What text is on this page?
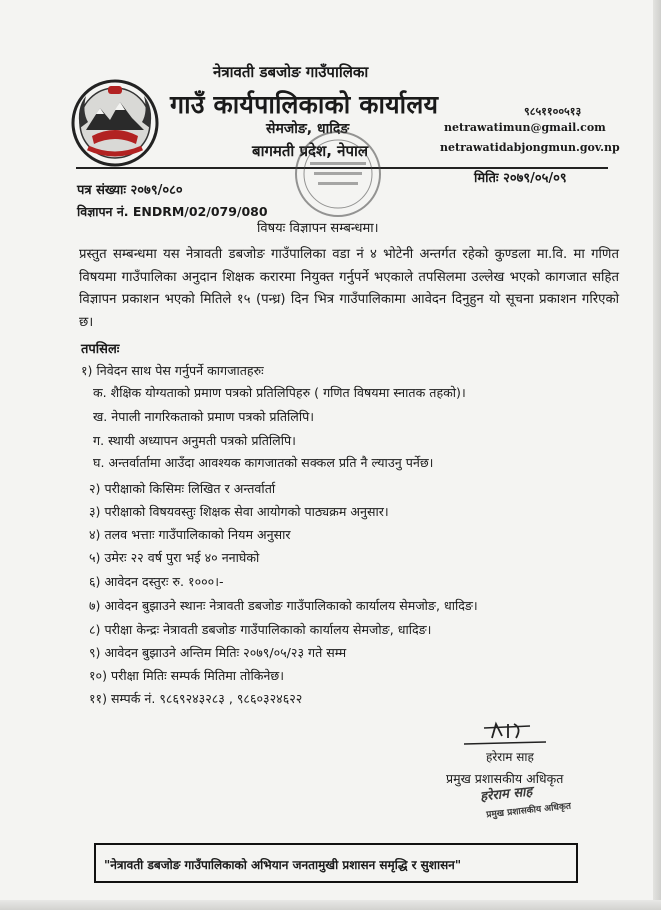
नेत्रावती डबजोङ गाउँपालिका
गाउँ कार्यपालिकाको कार्यालय
सेमजोङ, धादिङ
बागमती प्रदेश, नेपाल
९८५११००५१३
netrawatimun@gmail.com
netrawatidabjongmun.gov.np
पत्र संख्याः २०७९/०८०
मितिः २०७९/०५/०९
विज्ञापन नं. ENDRM/02/079/080
विषयः विज्ञापन सम्बन्धमा।
प्रस्तुत सम्बन्धमा यस नेत्रावती डबजोङ गाउँपालिका वडा नं ४ भोटेनी अन्तर्गत रहेको कुण्डला मा.वि. मा गणित विषयमा गाउँपालिका अनुदान शिक्षक करारमा नियुक्त गर्नुपर्ने भएकाले तपसिलमा उल्लेख भएको कागजात सहित विज्ञापन प्रकाशन भएको मितिले १५ (पन्ध्र) दिन भित्र गाउँपालिकामा आवेदन दिनुहुन यो सूचना प्रकाशन गरिएको छ।
तपसिलः
१) निवेदन साथ पेस गर्नुपर्ने कागजातहरुः
क. शैक्षिक योग्यताको प्रमाण पत्रको प्रतिलिपिहरु ( गणित विषयमा स्नातक तहको)।
ख. नेपाली नागरिकताको प्रमाण पत्रको प्रतिलिपि।
ग. स्थायी अध्यापन अनुमती पत्रको प्रतिलिपि।
घ. अन्तर्वार्तामा आउँदा आवश्यक कागजातको सक्कल प्रति नै ल्याउनु पर्नेछ।
२) परीक्षाको किसिमः लिखित र अन्तर्वार्ता
३) परीक्षाको विषयवस्तुः शिक्षक सेवा आयोगको पाठ्यक्रम अनुसार।
४) तलव भत्ताः गाउँपालिकाको नियम अनुसार
५) उमेरः २२ वर्ष पुरा भई ४० ननाघेको
६) आवेदन दस्तुरः रु. १०००।-
७) आवेदन बुझाउने स्थानः नेत्रावती डबजोङ गाउँपालिकाको कार्यालय सेमजोङ, धादिङ।
८) परीक्षा केन्द्रः नेत्रावती डबजोङ गाउँपालिकाको कार्यालय सेमजोङ, धादिङ।
९) आवेदन बुझाउने अन्तिम मितिः २०७९/०५/२३ गते सम्म
१०) परीक्षा मितिः सम्पर्क मितिमा तोकिनेछ।
११) सम्पर्क नं. ९८६९२४३२८३ , ९८६०३२४६२२
हरेराम साह
प्रमुख प्रशासकीय अधिकृत
हरेराम साह
प्रमुख प्रशासकीय अधिकृत
"नेत्रावती डबजोङ गाउँपालिकाको अभियान जनतामुखी प्रशासन समृद्धि र सुशासन"
